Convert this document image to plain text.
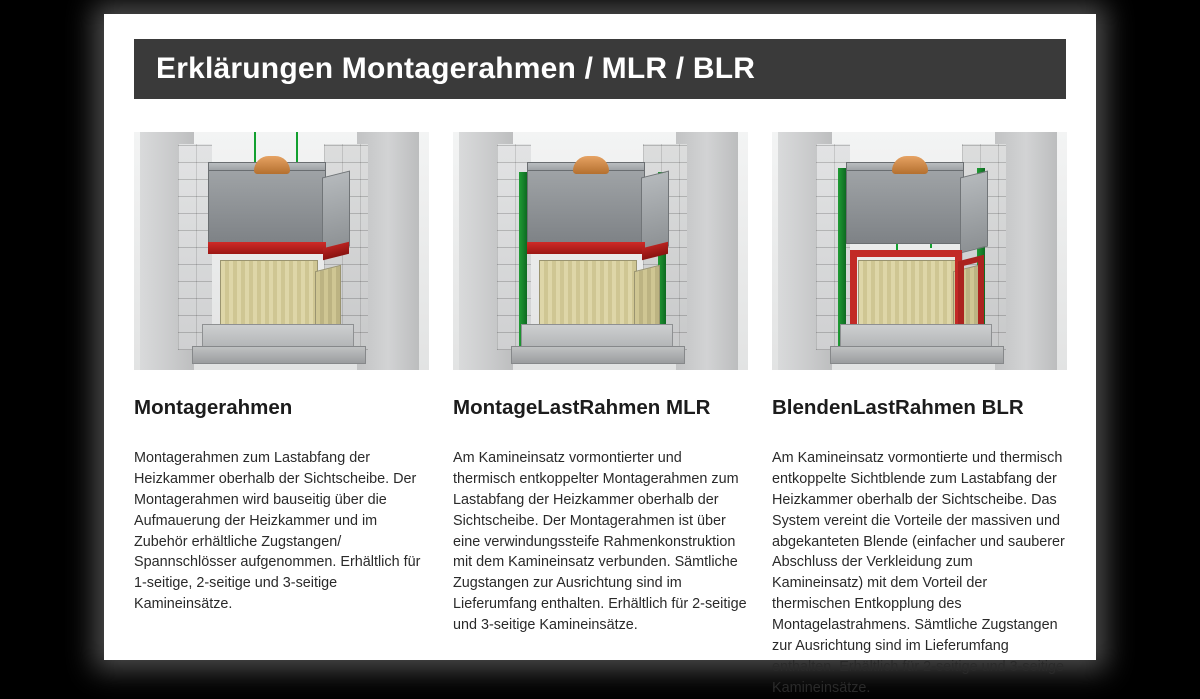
Erklärungen Montagerahmen / MLR / BLR
Montagerahmen

Montagerahmen zum Lastabfang der Heizkammer oberhalb der Sichtscheibe. Der Montagerahmen wird bauseitig über die Aufmauerung der Heizkammer und im Zubehör erhältliche Zugstangen/ Spannschlösser aufgenommen. Erhältlich für 1-seitige, 2-seitige und 3-seitige Kamineinsätze.

MontageLastRahmen MLR

Am Kamineinsatz vormontierter und thermisch entkoppelter Montagerahmen zum Lastabfang der Heizkammer oberhalb der Sichtscheibe. Der Montagerahmen ist über eine verwindungssteife Rahmenkonstruktion mit dem Kamineinsatz verbunden. Sämtliche Zugstangen zur Ausrichtung sind im Lieferumfang enthalten. Erhältlich für 2-seitige und 3-seitige Kamineinsätze.

BlendenLastRahmen BLR

Am Kamineinsatz vormontierte und thermisch entkoppelte Sichtblende zum Lastabfang der Heizkammer oberhalb der Sichtscheibe. Das System vereint die Vorteile der massiven und abgekanteten Blende (einfacher und sauberer Abschluss der Verkleidung zum Kamineinsatz) mit dem Vorteil der thermischen Entkopplung des Montagelastrahmens. Sämtliche Zugstangen zur Ausrichtung sind im Lieferumfang enthalten. Erhältlich für 2-seitige und 3-seitige Kamineinsätze.
